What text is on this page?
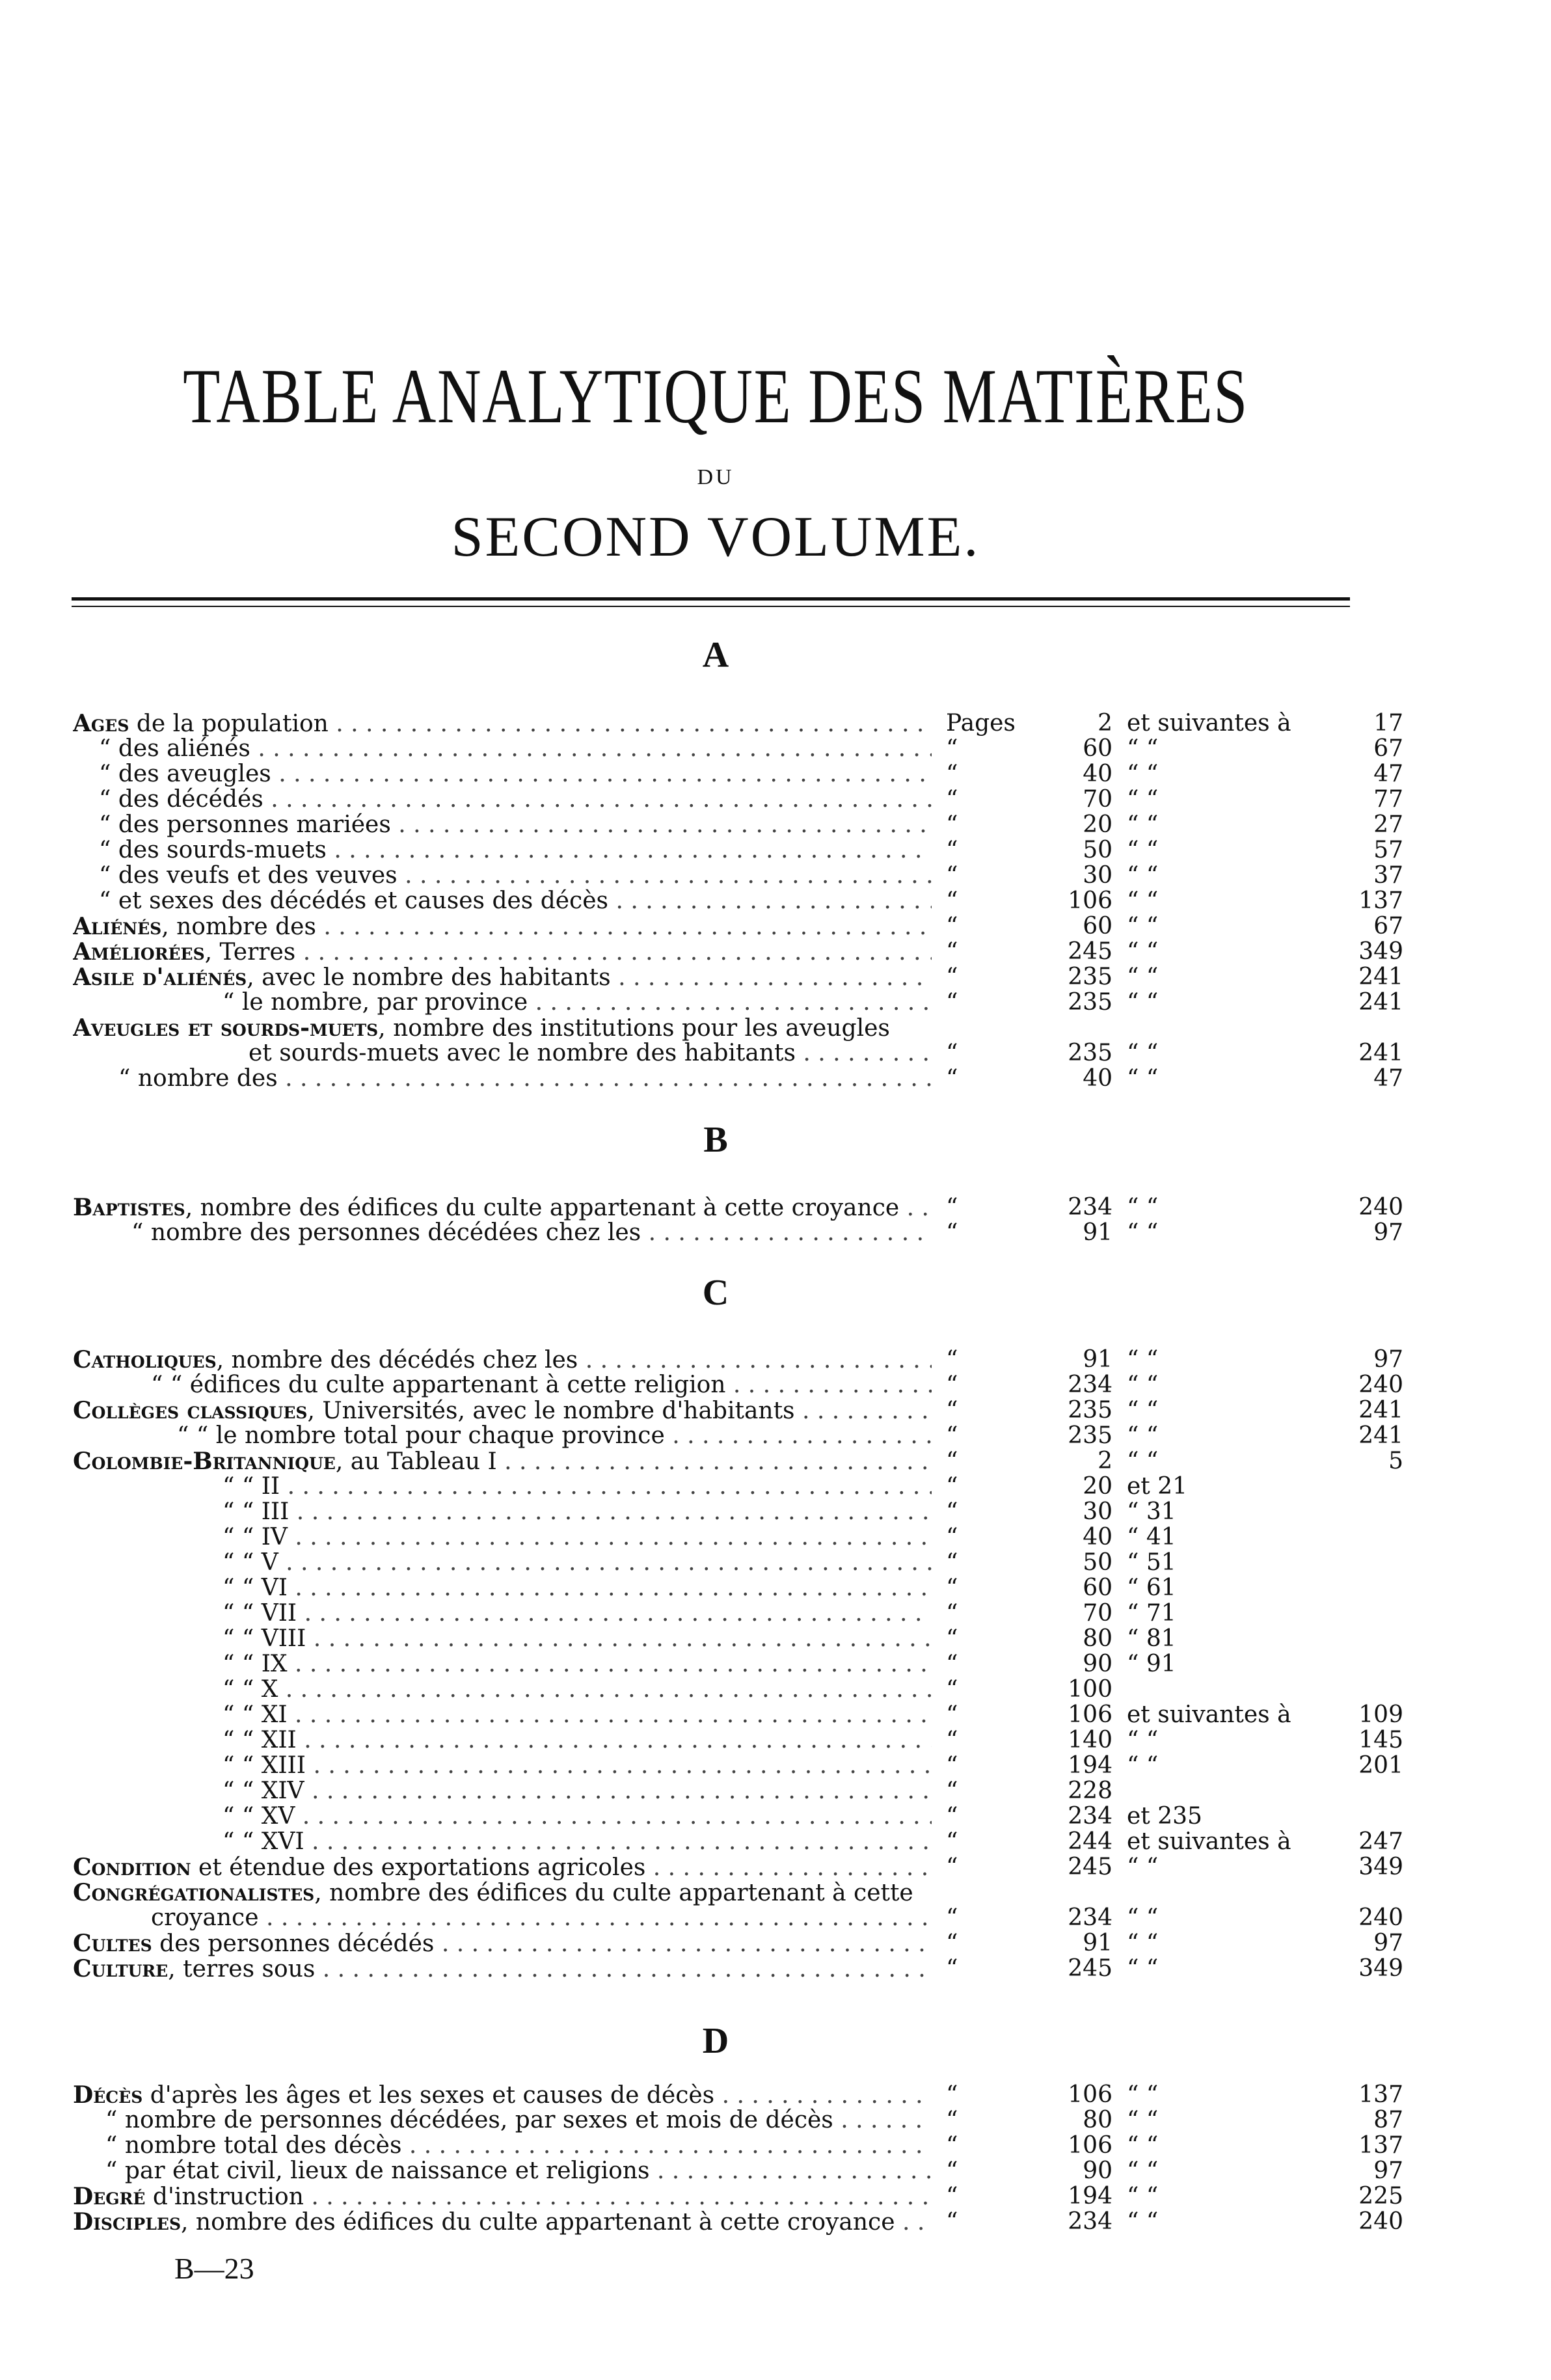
TABLE ANALYTIQUE DES MATIÈRES
DU
SECOND VOLUME.
A
B
C
D
Ages de la population . . .	Pages	2 et suivantes à	17
“ des aliénés . . .	“	60 “ “	67
“ des aveugles . . .	“	40 “ “	47
“ des décédés . . .	“	70 “ “	77
“ des personnes mariées . . .	“	20 “ “	27
“ des sourds-muets . . .	“	50 “ “	57
“ des veufs et des veuves . . .	“	30 “ “	37
“ et sexes des décédés et causes des décès . . .	“	106 “ “	137
Aliénés, nombre des . . .	“	60 “ “	67
Améliorées, Terres . . .	“	245 “ “	349
Asile d'aliénés, avec le nombre des habitants . . .	“	235 “ “	241
“ le nombre, par province . . .	“	235 “ “	241
Aveugles et sourds-muets, nombre des institutions pour les aveugles
et sourds-muets avec le nombre des habitants . . .	“	235 “ “	241
“ nombre des . . .	“	40 “ “	47
Baptistes, nombre des édifices du culte appartenant à cette croyance . . .	“	234 “ “	240
“ nombre des personnes décédées chez les . . .	“	91 “ “	97
Catholiques, nombre des décédés chez les . . .	“	91 “ “	97
“ “ édifices du culte appartenant à cette religion . . .	“	234 “ “	240
Collèges classiques, Universités, avec le nombre d'habitants . . .	“	235 “ “	241
“ “ le nombre total pour chaque province . . .	“	235 “ “	241
Colombie-Britannique, au Tableau I . . .	“	2 “ “	5
“ “ II . . .	“	20 et 21
“ “ III . . .	“	30 “ 31
“ “ IV . . .	“	40 “ 41
“ “ V . . .	“	50 “ 51
“ “ VI . . .	“	60 “ 61
“ “ VII . . .	“	70 “ 71
“ “ VIII . . .	“	80 “ 81
“ “ IX . . .	“	90 “ 91
“ “ X . . .	“	100
“ “ XI . . .	“	106 et suivantes à	109
“ “ XII . . .	“	140 “ “	145
“ “ XIII . . .	“	194 “ “	201
“ “ XIV . . .	“	228
“ “ XV . . .	“	234 et 235
“ “ XVI . . .	“	244 et suivantes à	247
Condition et étendue des exportations agricoles . . .	“	245 “ “	349
Congrégationalistes, nombre des édifices du culte appartenant à cette
croyance . . .	“	234 “ “	240
Cultes des personnes décédés . . .	“	91 “ “	97
Culture, terres sous . . .	“	245 “ “	349
Décès d'après les âges et les sexes et causes de décès . . .	“	106 “ “	137
“ nombre de personnes décédées, par sexes et mois de décès . . .	“	80 “ “	87
“ nombre total des décès . . .	“	106 “ “	137
“ par état civil, lieux de naissance et religions . . .	“	90 “ “	97
Degré d'instruction . . .	“	194 “ “	225
Disciples, nombre des édifices du culte appartenant à cette croyance . . .	“	234 “ “	240
B—23
